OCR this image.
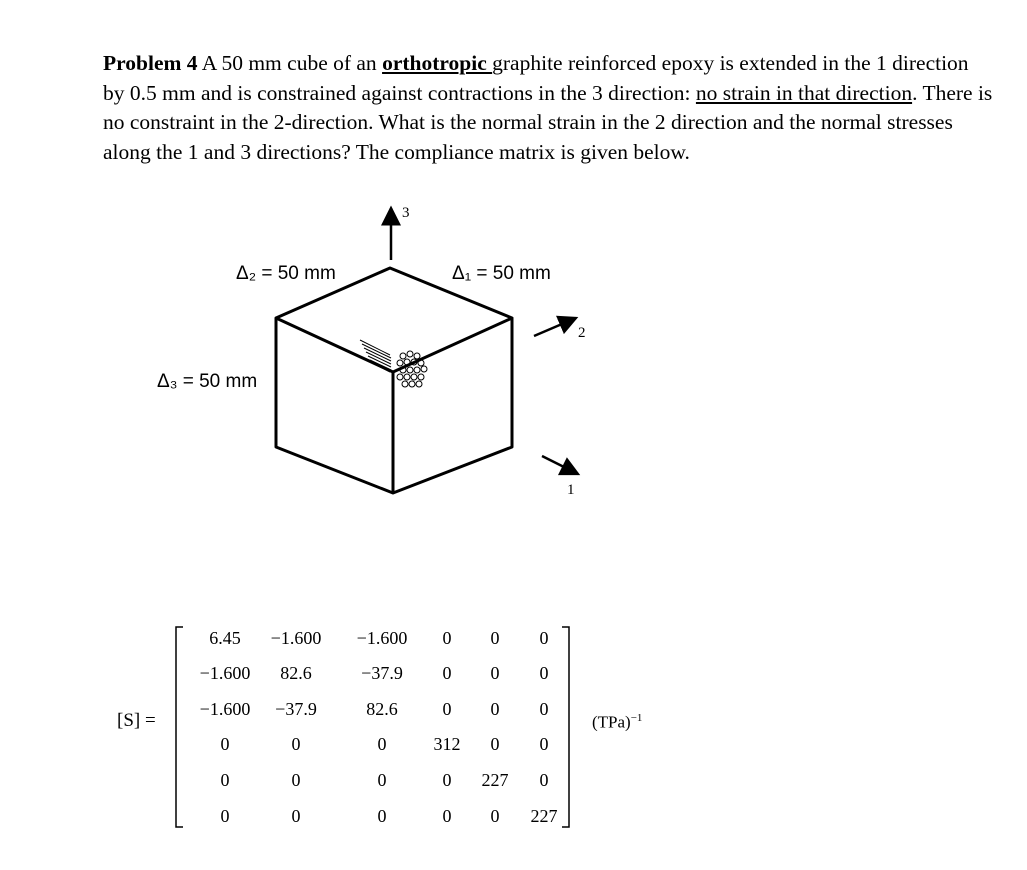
Problem 4 A 50 mm cube of an orthotropic graphite reinforced epoxy is extended in the 1 direction by 0.5 mm and is constrained against contractions in the 3 direction: no strain in that direction. There is no constraint in the 2-direction. What is the normal strain in the 2 direction and the normal stresses along the 1 and 3 directions? The compliance matrix is given below.
3
2
1
Δ₂ = 50 mm	Δ₁ = 50 mm
Δ₃ = 50 mm
[S] =
6.45 −1.600 −1.600 0 0 0
−1.600 82.6	−37.9 0 0 0
−1.600 −37.9	82.6 0 0 0
0	0	0	312 0 0
0	0	0	0 227 0
0	0	0	0 0 227
(TPa)$^{-1}$
